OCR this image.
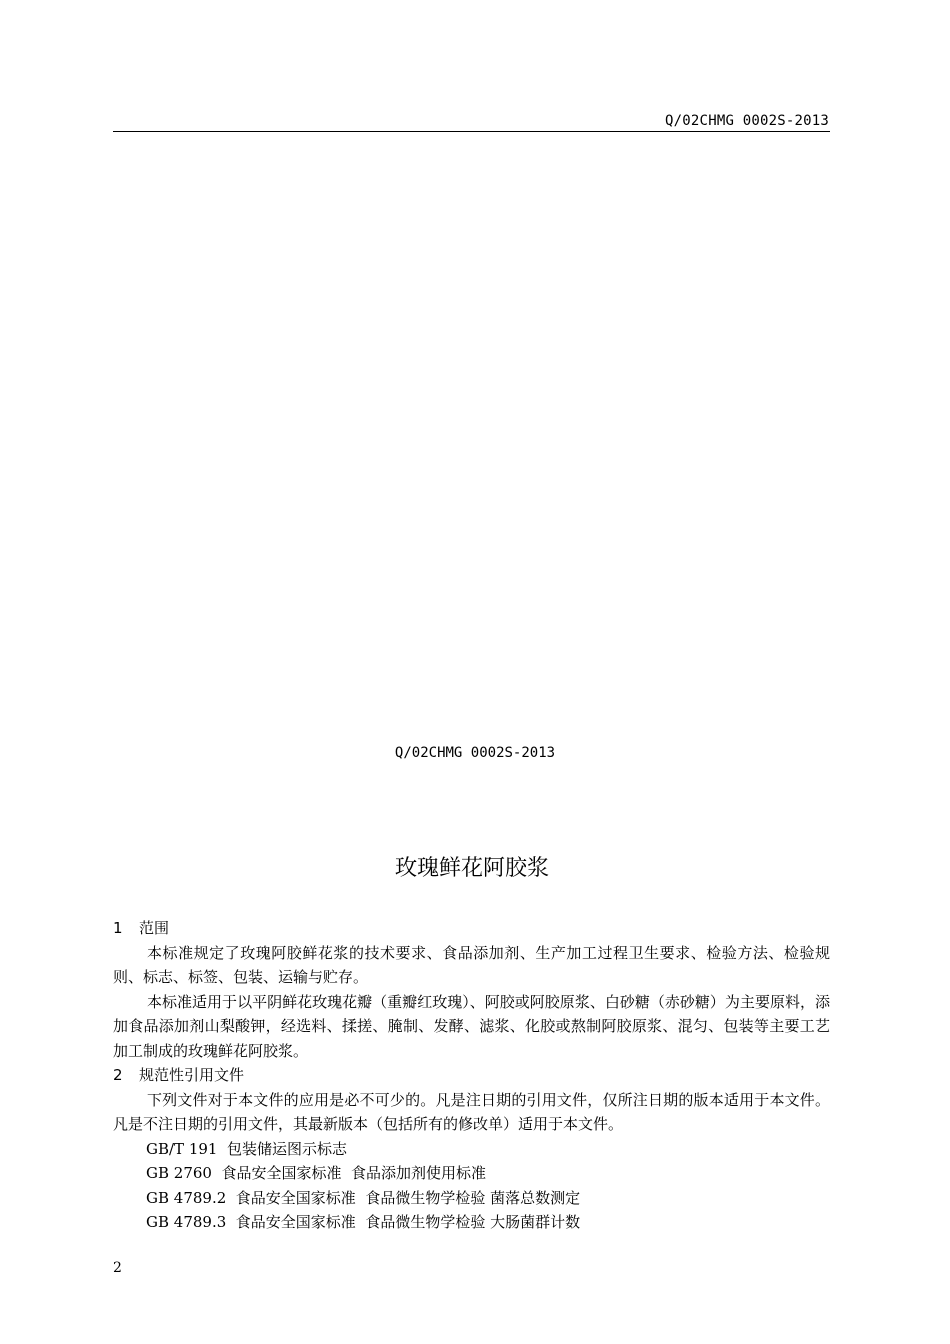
Q/02CHMG 0002S-2013
Q/02CHMG 0002S-2013
玫瑰鲜花阿胶浆
1 范围
本标准规定了玫瑰阿胶鲜花浆的技术要求、食品添加剂、生产加工过程卫生要求、检验方法、检验规则、标志、标签、包装、运输与贮存。
本标准适用于以平阴鲜花玫瑰花瓣（重瓣红玫瑰）、阿胶或阿胶原浆、白砂糖（赤砂糖）为主要原料，添加食品添加剂山梨酸钾，经选料、揉搓、腌制、发酵、滤浆、化胶或熬制阿胶原浆、混匀、包装等主要工艺加工制成的玫瑰鲜花阿胶浆。
2 规范性引用文件
下列文件对于本文件的应用是必不可少的。凡是注日期的引用文件，仅所注日期的版本适用于本文件。凡是不注日期的引用文件，其最新版本（包括所有的修改单）适用于本文件。
GB/T 191  包装储运图示标志
GB 2760  食品安全国家标准  食品添加剂使用标准
GB 4789.2  食品安全国家标准  食品微生物学检验 菌落总数测定
GB 4789.3  食品安全国家标准  食品微生物学检验 大肠菌群计数
2
